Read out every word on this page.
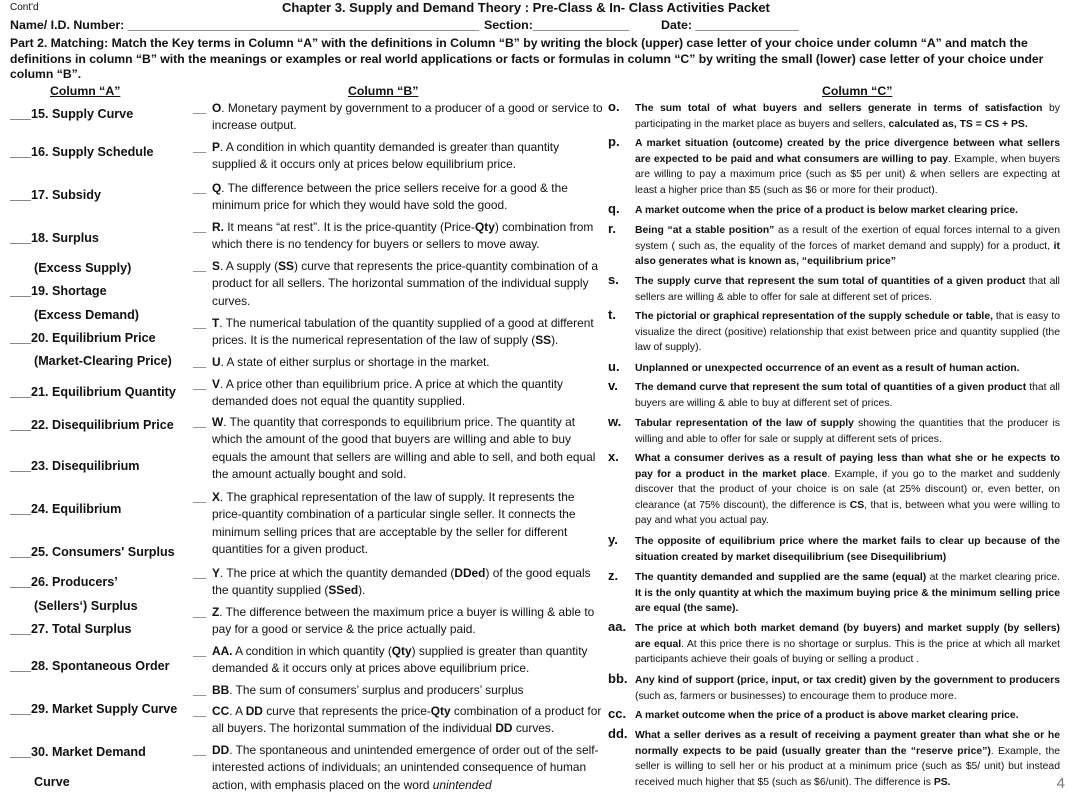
Cont'd	Chapter 3. Supply and Demand Theory : Pre-Class & In- Class Activities Packet
Name/ I.D. Number: ___________________________________________________ Section:______________	Date: _______________
Part 2. Matching: Match the Key terms in Column “A” with the definitions in Column “B” by writing the block (upper) case letter of your choice under column “A” and match the definitions in column “B” with the meanings or examples or real world applications or facts or formulas in column “C” by writing the small (lower) case letter of your choice under column “B”.
Column “A”	Column “B”	Column “C”
___15. Supply Curve
___16. Supply Schedule
___17. Subsidy
___18. Surplus
(Excess Supply)
___19. Shortage
(Excess Demand)
___20. Equilibrium Price
(Market-Clearing Price)
___21. Equilibrium Quantity
___22. Disequilibrium Price
___23. Disequilibrium
___24. Equilibrium
___25. Consumers' Surplus
___26. Producers’
(Sellers‘) Surplus
___27. Total Surplus
___28. Spontaneous Order
___29. Market Supply Curve
___30. Market Demand
Curve
__ O. Monetary payment by government to a producer of a good or service to increase output.
__ P. A condition in which quantity demanded is greater than quantity supplied & it occurs only at prices below equilibrium price.
__ Q. The difference between the price sellers receive for a good & the minimum price for which they would have sold the good.
__ R. It means “at rest”. It is the price-quantity (Price-Qty) combination from which there is no tendency for buyers or sellers to move away.
__ S. A supply (SS) curve that represents the price-quantity combination of a product for all sellers. The horizontal summation of the individual supply curves.
__ T. The numerical tabulation of the quantity supplied of a good at different prices. It is the numerical representation of the law of supply (SS).
__ U. A state of either surplus or shortage in the market.
__ V. A price other than equilibrium price. A price at which the quantity demanded does not equal the quantity supplied.
__ W. The quantity that corresponds to equilibrium price. The quantity at which the amount of the good that buyers are willing and able to buy equals the amount that sellers are willing and able to sell, and both equal the amount actually bought and sold.
__ X. The graphical representation of the law of supply. It represents the price-quantity combination of a particular single seller. It connects the minimum selling prices that are acceptable by the seller for different quantities for a given product.
__ Y. The price at which the quantity demanded (DDed) of the good equals the quantity supplied (SSed).
__ Z. The difference between the maximum price a buyer is willing & able to pay for a good or service & the price actually paid.
__ AA. A condition in which quantity (Qty) supplied is greater than quantity demanded & it occurs only at prices above equilibrium price.
__ BB. The sum of consumers’ surplus and producers’ surplus
__ CC. A DD curve that represents the price-Qty combination of a product for all buyers. The horizontal summation of the individual DD curves.
__ DD. The spontaneous and unintended emergence of order out of the self-interested actions of individuals; an unintended consequence of human action, with emphasis placed on the word unintended
o. The sum total of what buyers and sellers generate in terms of satisfaction by participating in the market place as buyers and sellers, calculated as, TS = CS + PS.
p. A market situation (outcome) created by the price divergence between what sellers are expected to be paid and what consumers are willing to pay. Example, when buyers are willing to pay a maximum price (such as $5 per unit) & when sellers are expecting at least a higher price than $5 (such as $6 or more for their product).
q. A market outcome when the price of a product is below market clearing price.
r. Being “at a stable position” as a result of the exertion of equal forces internal to a given system ( such as, the equality of the forces of market demand and supply) for a product, it also generates what is known as, “equilibrium price”
s. The supply curve that represent the sum total of quantities of a given product that all sellers are willing & able to offer for sale at different set of prices.
t. The pictorial or graphical representation of the supply schedule or table, that is easy to visualize the direct (positive) relationship that exist between price and quantity supplied (the law of supply).
u. Unplanned or unexpected occurrence of an event as a result of human action.
v. The demand curve that represent the sum total of quantities of a given product that all buyers are willing & able to buy at different set of prices.
w. Tabular representation of the law of supply showing the quantities that the producer is willing and able to offer for sale or supply at different sets of prices.
x. What a consumer derives as a result of paying less than what she or he expects to pay for a product in the market place. Example, if you go to the market and suddenly discover that the product of your choice is on sale (at 25% discount) or, even better, on clearance (at 75% discount), the difference is CS, that is, between what you were willing to pay and what you actual pay.
y. The opposite of equilibrium price where the market fails to clear up because of the situation created by market disequilibrium (see Disequilibrium)
z. The quantity demanded and supplied are the same (equal) at the market clearing price. It is the only quantity at which the maximum buying price & the minimum selling price are equal (the same).
aa. The price at which both market demand (by buyers) and market supply (by sellers) are equal. At this price there is no shortage or surplus. This is the price at which all market participants achieve their goals of buying or selling a product .
bb. Any kind of support (price, input, or tax credit) given by the government to producers (such as, farmers or businesses) to encourage them to produce more.
cc. A market outcome when the price of a product is above market clearing price.
dd. What a seller derives as a result of receiving a payment greater than what she or he normally expects to be paid (usually greater than the “reserve price”). Example, the seller is willing to sell her or his product at a minimum price (such as $5/ unit) but instead received much higher that $5 (such as $6/unit). The difference is PS.	4
